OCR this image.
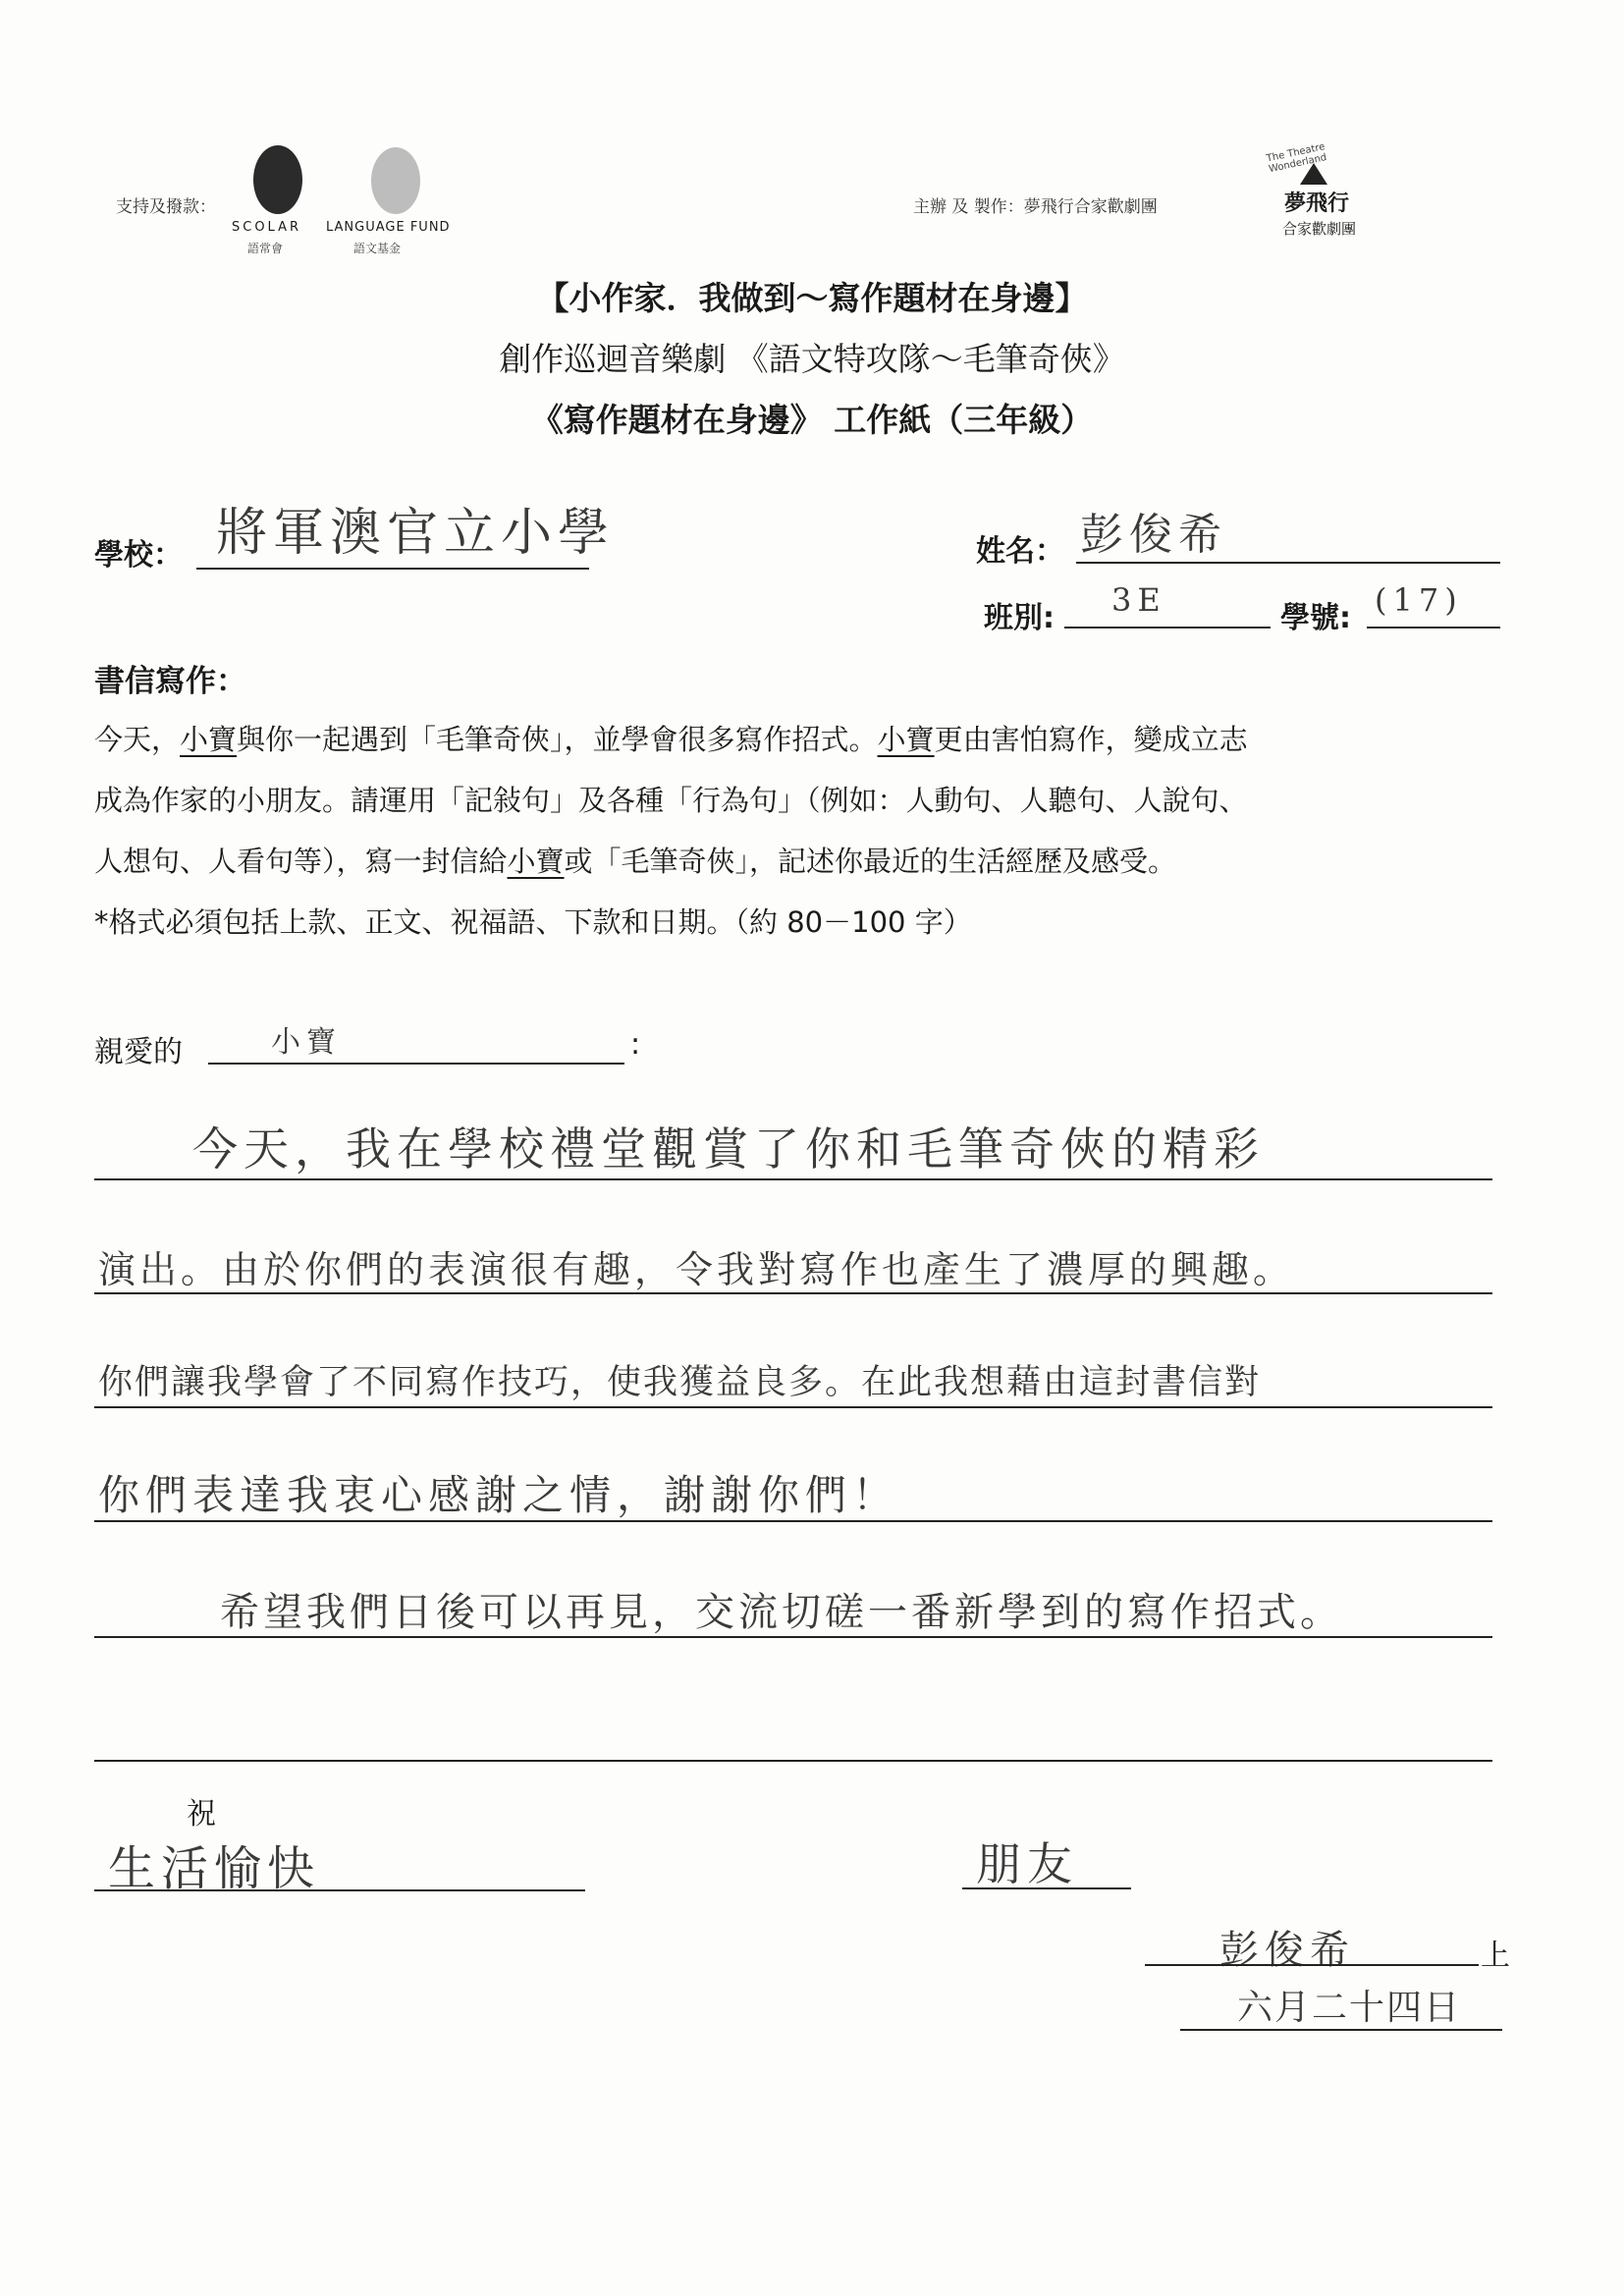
支持及撥款：
SCOLAR
語常會
LANGUAGE FUND
語文基金
主辦 及 製作：夢飛行合家歡劇團
The Theatre Wonderland
夢飛行
合家歡劇團
【小作家．我做到～寫作題材在身邊】
創作巡迴音樂劇 《語文特攻隊～毛筆奇俠》
《寫作題材在身邊》 工作紙（三年級）
學校： 將軍澳官立小學	姓名： 彭俊希
班別: 3E	學號: (17)
書信寫作：
今天，小寶與你一起遇到「毛筆奇俠」，並學會很多寫作招式。小寶更由害怕寫作，變成立志
成為作家的小朋友。請運用「記敍句」及各種「行為句」（例如：人動句、人聽句、人說句、
人想句、人看句等），寫一封信給小寶或「毛筆奇俠」，記述你最近的生活經歷及感受。
*格式必須包括上款、正文、祝福語、下款和日期。（約 80－100 字）
親愛的	小寶	:
今天，我在學校禮堂觀賞了你和毛筆奇俠的精彩
演出。由於你們的表演很有趣，令我對寫作也產生了濃厚的興趣。
你們讓我學會了不同寫作技巧，使我獲益良多。在此我想藉由這封書信對
你們表達我衷心感謝之情，謝謝你們！
希望我們日後可以再見，交流切磋一番新學到的寫作招式。
祝
生活愉快	朋友
彭俊希	上
六月二十四日
